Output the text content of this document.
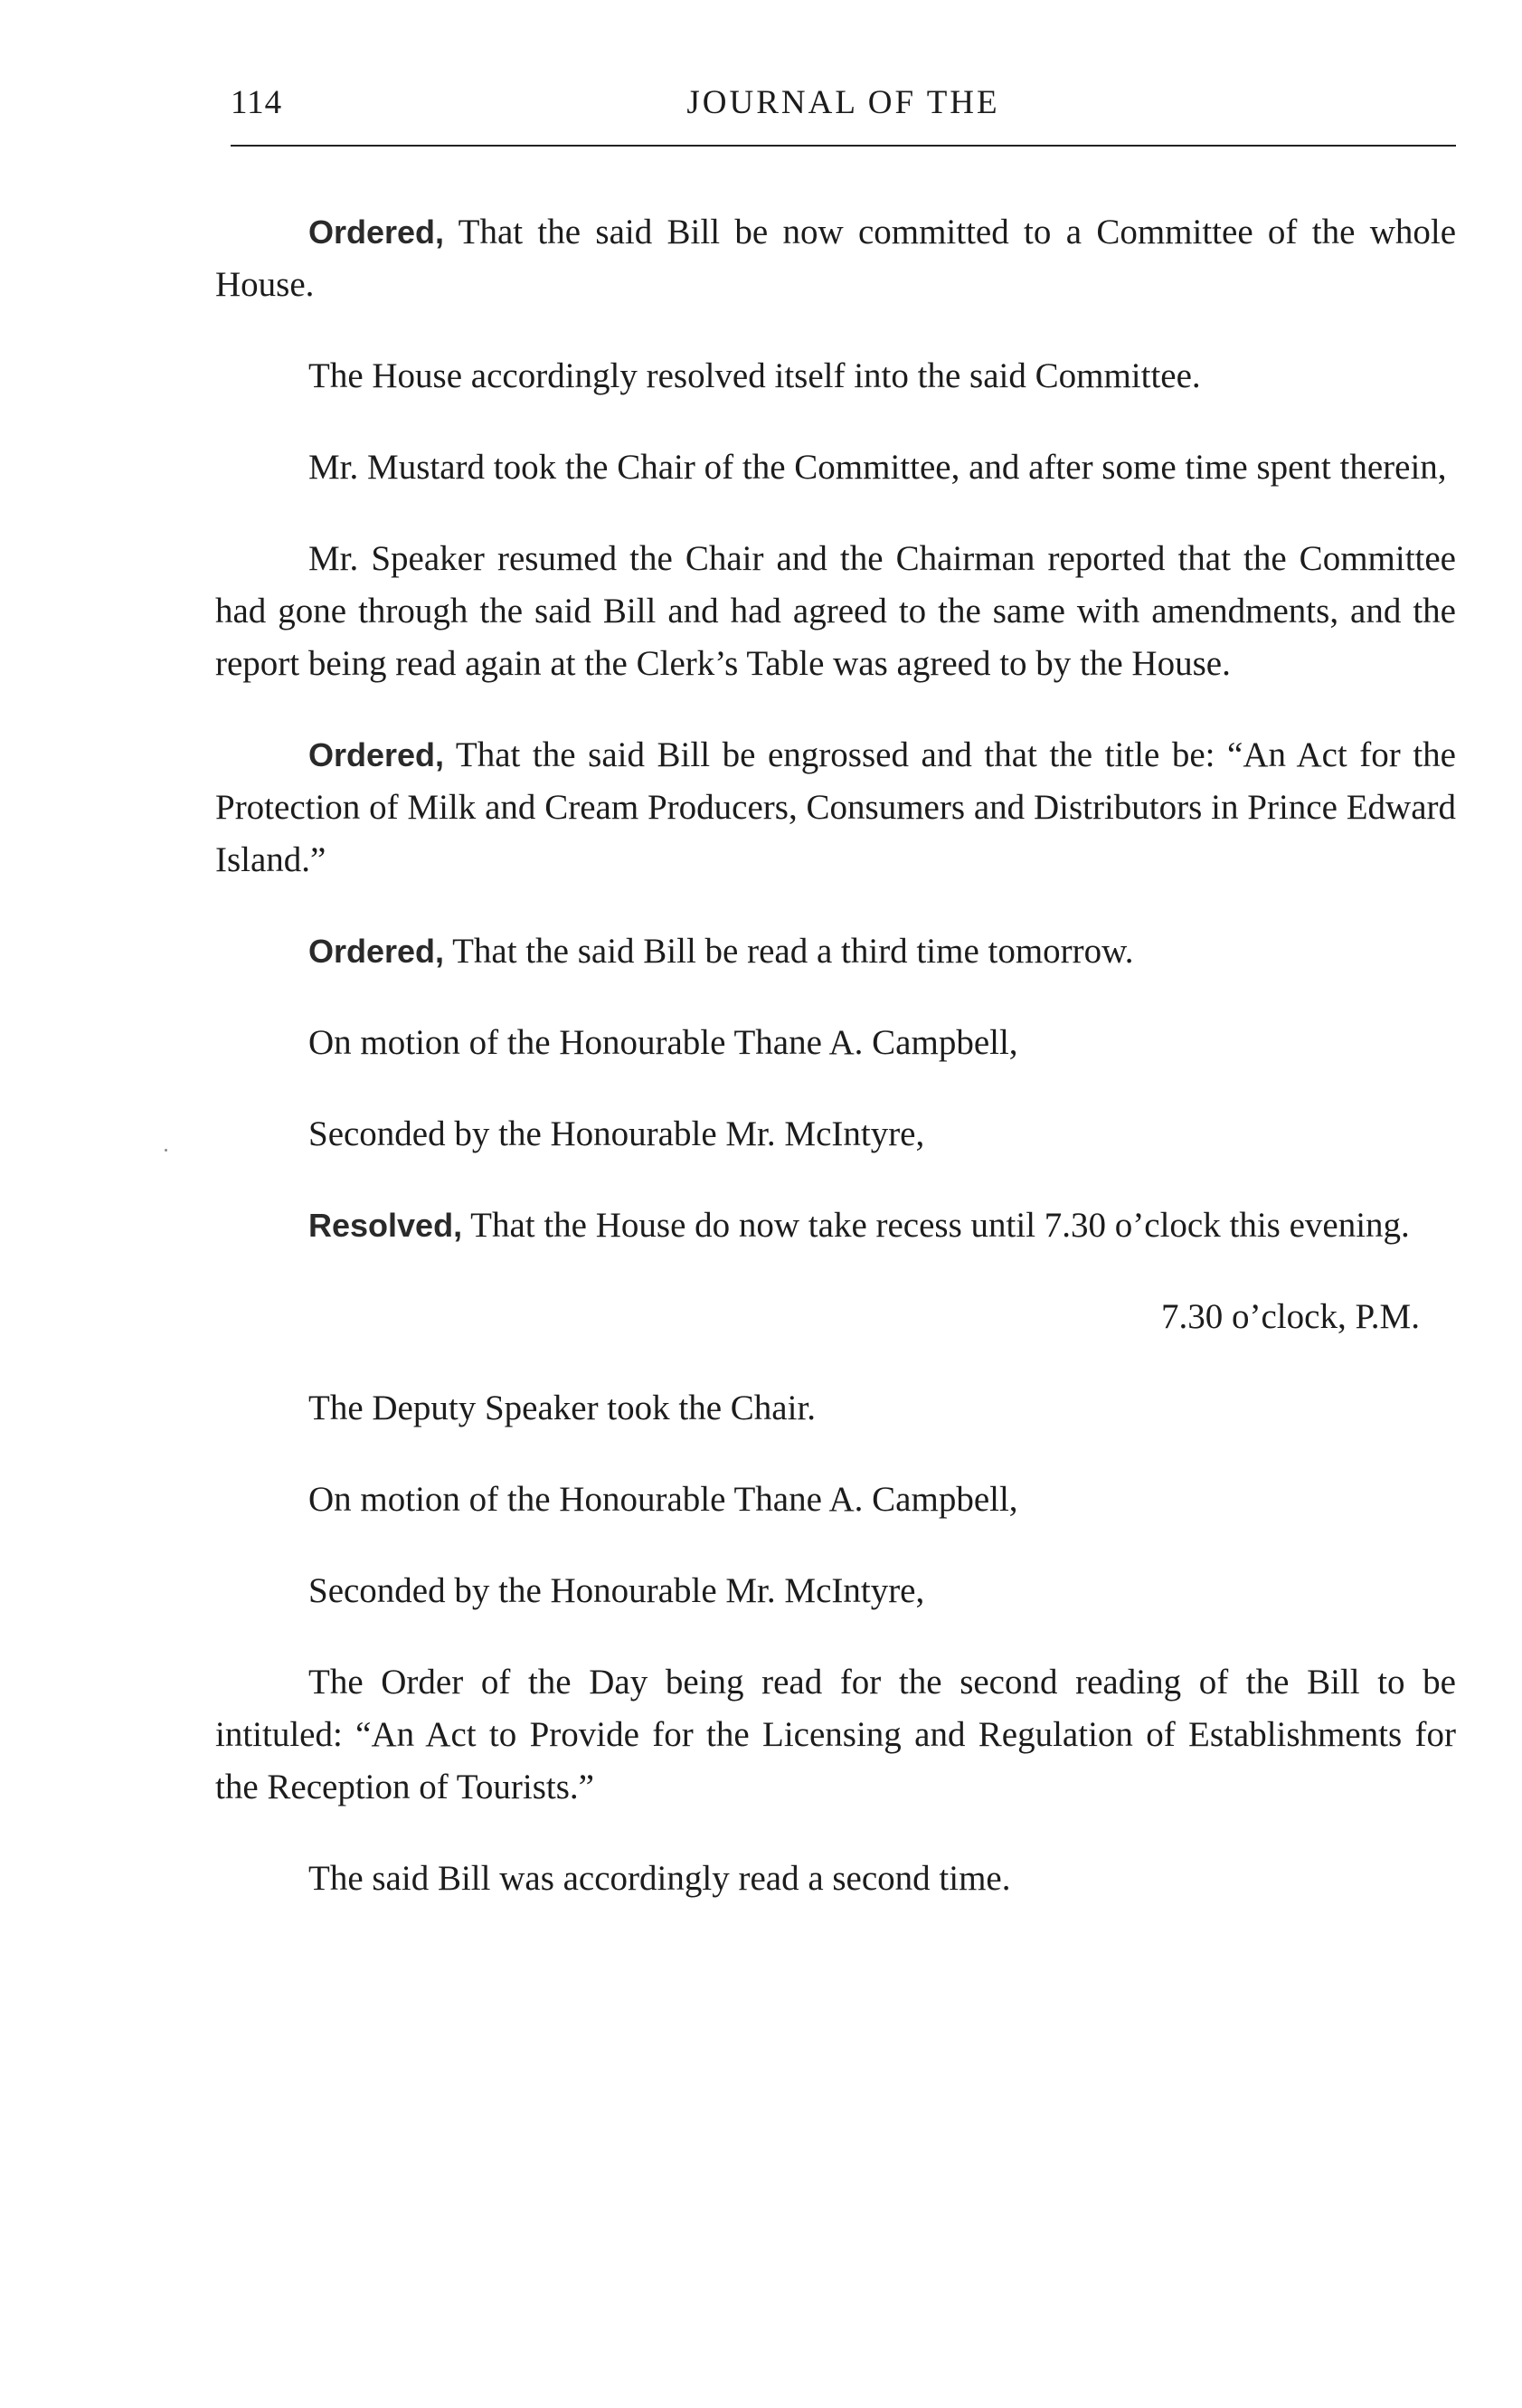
114	JOURNAL OF THE

Ordered, That the said Bill be now committed to a Committee of the whole House.

The House accordingly resolved itself into the said Committee.

Mr. Mustard took the Chair of the Committee, and after some time spent therein,

Mr. Speaker resumed the Chair and the Chairman reported that the Committee had gone through the said Bill and had agreed to the same with amendments, and the report being read again at the Clerk’s Table was agreed to by the House.

Ordered, That the said Bill be engrossed and that the title be: “An Act for the Protection of Milk and Cream Producers, Consumers and Distributors in Prince Edward Island.”

Ordered, That the said Bill be read a third time tomorrow.

On motion of the Honourable Thane A. Campbell,

Seconded by the Honourable Mr. McIntyre,

Resolved, That the House do now take recess until 7.30 o’clock this evening.

7.30 o’clock, P.M.

The Deputy Speaker took the Chair.

On motion of the Honourable Thane A. Campbell,

Seconded by the Honourable Mr. McIntyre,

The Order of the Day being read for the second reading of the Bill to be intituled: “An Act to Provide for the Licensing and Regulation of Establishments for the Reception of Tourists.”

The said Bill was accordingly read a second time.
